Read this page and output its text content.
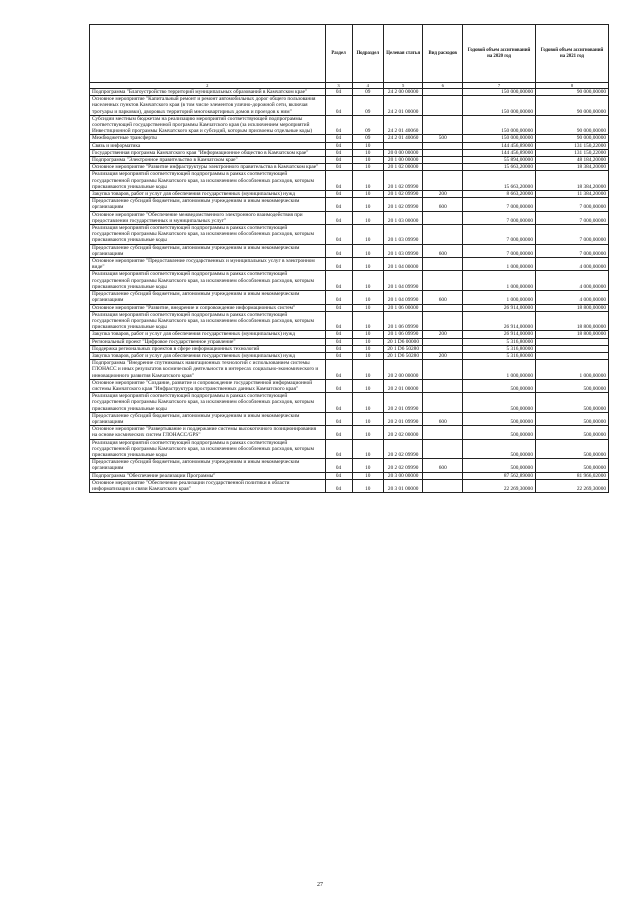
		Раздел	Подраздел	Целевая статья	Вид расходов	Годовой объем ассигнований на 2020 год	Годовой объем ассигнований на 2021 год
	2	3	4	5	6	7	8
	Подпрограмма "Благоустройство территорий муниципальных образований в Камчатском крае"	04	09	24 2 00 00000		150 000,00000	90 000,00000
	Основное мероприятие "Капитальный ремонт и ремонт автомобильных дорог общего пользования населенных пунктов Камчатского края (в том числе элементов улично-дорожной сети, включая тротуары и парковки), дворовых территорий многоквартирных домов и проездов к ним"	04	09	24 2 01 00000		150 000,00000	90 000,00000
	Субсидии местным бюджетам на реализацию мероприятий соответствующей подпрограммы соответствующей государственной программы Камчатского края (за исключением мероприятий Инвестиционной программы Камчатского края и субсидий, которым присвоены отдельные коды)	04	09	24 2 01 40060		150 000,00000	90 000,00000
	Межбюджетные трансферты	04	09	24 2 01 40060	500	150 000,00000	90 000,00000
	Связь и информатика	04	10			144 456,89000	131 150,22000
	Государственная программа Камчатского края "Информационное общество в Камчатском крае"	04	10	20 0 00 00000		144 456,89000	131 150,22000
	Подпрограмма "Электронное правительство в Камчатском крае"	04	10	20 1 00 00000		55 894,00000	48 184,20000
	Основное мероприятие "Развитие инфраструктуры электронного правительства в Камчатском крае"	04	10	20 1 02 00000		15 663,20000	18 384,20000
	Реализация мероприятий соответствующей подпрограммы в рамках соответствующей государственной программы Камчатского края, за исключением обособленных расходов, которым присваиваются уникальные коды	04	10	20 1 02 09990		15 663,20000	18 384,20000
	Закупка товаров, работ и услуг для обеспечения государственных (муниципальных) нужд	04	10	20 1 02 09990	200	8 663,20000	11 384,20000
	Предоставление субсидий бюджетным, автономным учреждениям и иным некоммерческим организациям	04	10	20 1 02 09990	600	7 000,00000	7 000,00000
	Основное мероприятие "Обеспечение межведомственного электронного взаимодействия при предоставлении государственных и муниципальных услуг"	04	10	20 1 03 00000		7 000,00000	7 000,00000
	Реализация мероприятий соответствующей подпрограммы в рамках соответствующей государственной программы Камчатского края, за исключением обособленных расходов, которым присваиваются уникальные коды	04	10	20 1 03 09990		7 000,00000	7 000,00000
	Предоставление субсидий бюджетным, автономным учреждениям и иным некоммерческим организациям	04	10	20 1 03 09990	600	7 000,00000	7 000,00000
	Основное мероприятие "Предоставление государственных и муниципальных услуг в электронном виде"	04	10	20 1 04 00000		1 000,00000	4 000,00000
	Реализация мероприятий соответствующей подпрограммы в рамках соответствующей государственной программы Камчатского края, за исключением обособленных расходов, которым присваиваются уникальные коды	04	10	20 1 04 09990		1 000,00000	4 000,00000
	Предоставление субсидий бюджетным, автономным учреждениям и иным некоммерческим организациям	04	10	20 1 04 09990	600	1 000,00000	4 000,00000
	Основное мероприятие "Развитие, внедрение и сопровождение информационных систем"	04	10	20 1 06 00000		26 914,00000	18 800,00000
	Реализация мероприятий соответствующей подпрограммы в рамках соответствующей государственной программы Камчатского края, за исключением обособленных расходов, которым присваиваются уникальные коды	04	10	20 1 06 09990		26 914,00000	18 800,00000
	Закупка товаров, работ и услуг для обеспечения государственных (муниципальных) нужд	04	10	20 1 06 09990	200	26 914,00000	18 800,00000
	Региональный проект "Цифровое государственное управление"	04	10	20 1 D6 00000		5 316,80000	
	Поддержка региональных проектов в сфере информационных технологий	04	10	20 1 D6 50280		5 316,80000	
	Закупка товаров, работ и услуг для обеспечения государственных (муниципальных) нужд	04	10	20 1 D6 50280	200	5 316,80000	
	Подпрограмма "Внедрение спутниковых навигационных технологий с использованием системы ГЛОНАСС и иных результатов космической деятельности в интересах социально-экономического и инновационного развития Камчатского края"	04	10	20 2 00 00000		1 000,00000	1 000,00000
	Основное мероприятие "Создание, развитие и сопровождение государственной информационной системы Камчатского края "Инфраструктура пространственных данных Камчатского края"	04	10	20 2 01 00000		500,00000	500,00000
	Реализация мероприятий соответствующей подпрограммы в рамках соответствующей государственной программы Камчатского края, за исключением обособленных расходов, которым присваиваются уникальные коды	04	10	20 2 01 09990		500,00000	500,00000
	Предоставление субсидий бюджетным, автономным учреждениям и иным некоммерческим организациям	04	10	20 2 01 09990	600	500,00000	500,00000
	Основное мероприятие "Развертывание и поддержание системы высокоточного позиционирования на основе космических систем ГЛОНАСС/GPS"	04	10	20 2 02 00000		500,00000	500,00000
	Реализация мероприятий соответствующей подпрограммы в рамках соответствующей государственной программы Камчатского края, за исключением обособленных расходов, которым присваиваются уникальные коды	04	10	20 2 02 09990		500,00000	500,00000
	Предоставление субсидий бюджетным, автономным учреждениям и иным некоммерческим организациям	04	10	20 2 02 09990	600	500,00000	500,00000
	Подпрограмма "Обеспечение реализации Программы"	04	10	20 3 00 00000		87 562,89000	81 966,02000
	Основное мероприятие "Обеспечение реализации государственной политики в области информатизации и связи Камчатского края"	04	10	20 3 01 00000		22 269,30000	22 269,30000
27
